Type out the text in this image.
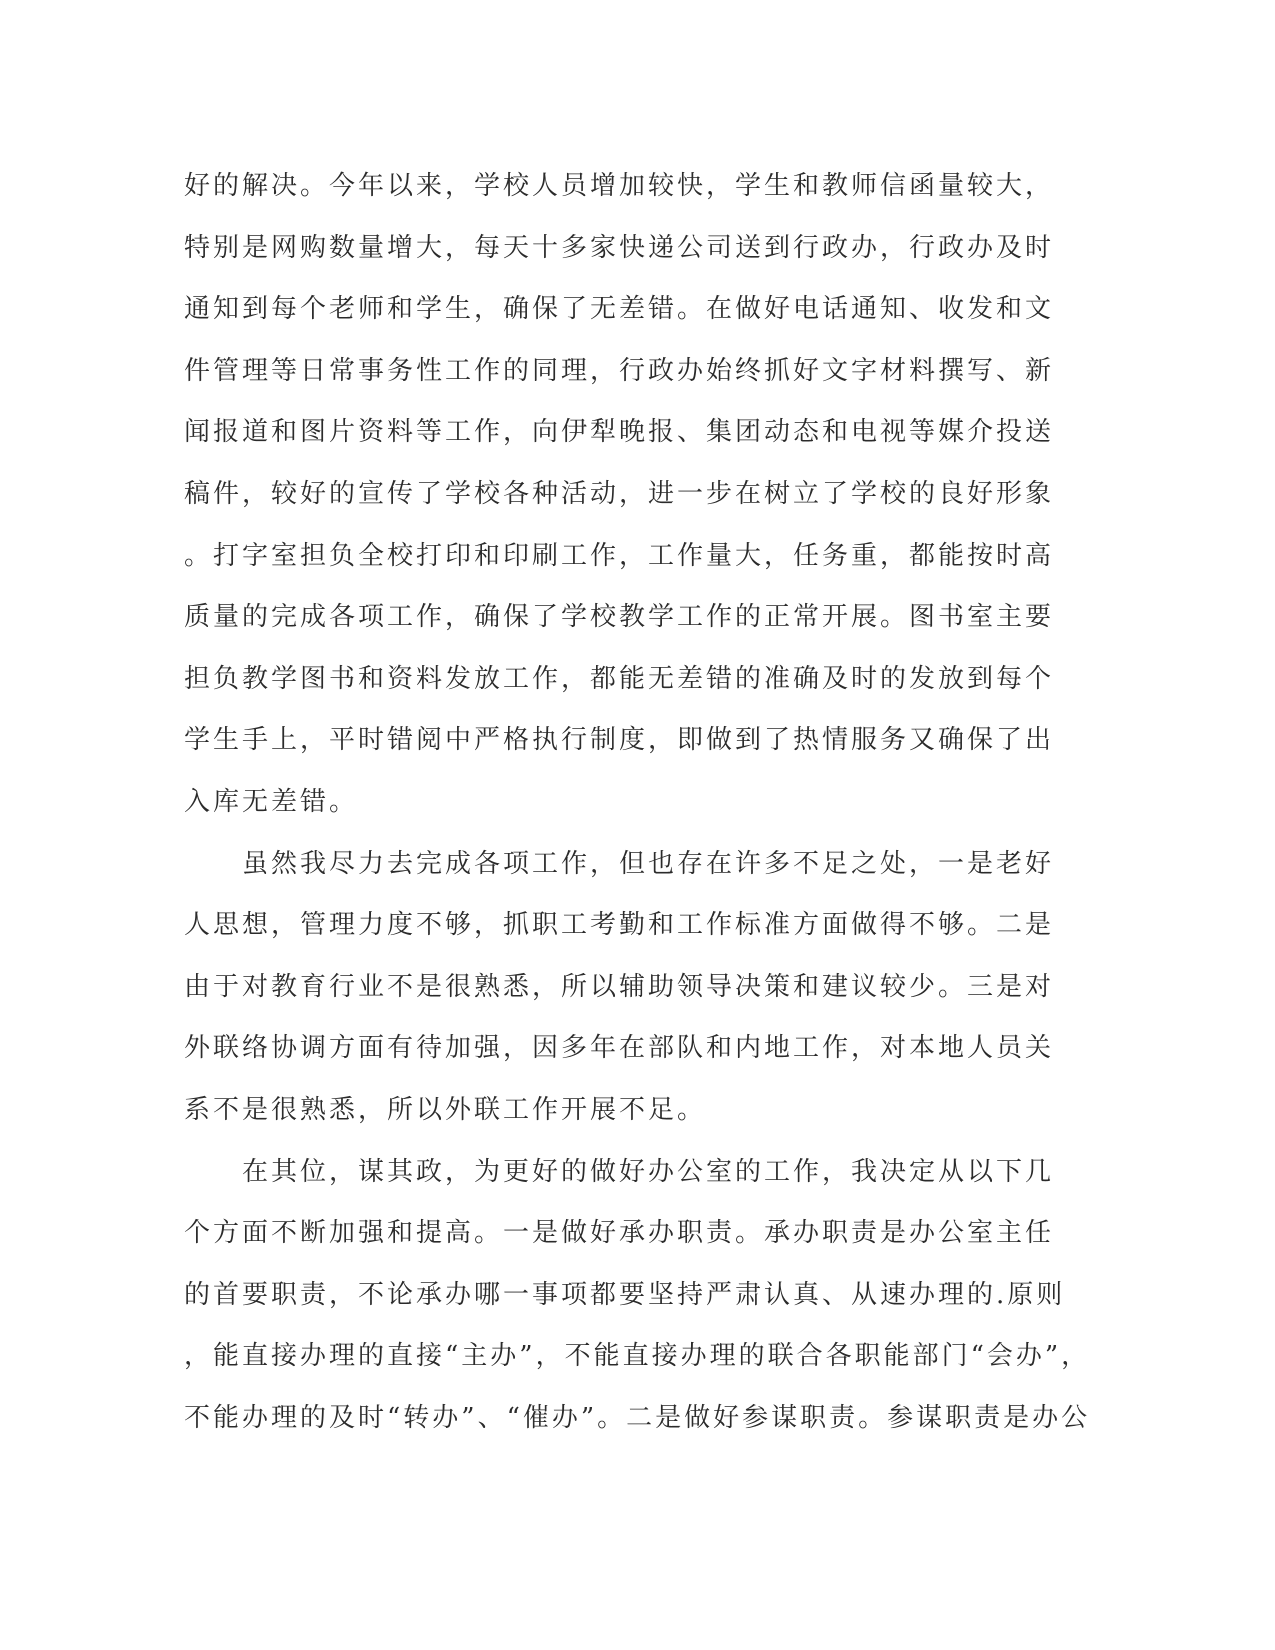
好的解决。今年以来，学校人员增加较快，学生和教师信函量较大，
特别是网购数量增大，每天十多家快递公司送到行政办，行政办及时
通知到每个老师和学生，确保了无差错。在做好电话通知、收发和文
件管理等日常事务性工作的同理，行政办始终抓好文字材料撰写、新
闻报道和图片资料等工作，向伊犁晚报、集团动态和电视等媒介投送
稿件，较好的宣传了学校各种活动，进一步在树立了学校的良好形象
。打字室担负全校打印和印刷工作，工作量大，任务重，都能按时高
质量的完成各项工作，确保了学校教学工作的正常开展。图书室主要
担负教学图书和资料发放工作，都能无差错的准确及时的发放到每个
学生手上，平时错阅中严格执行制度，即做到了热情服务又确保了出
入库无差错。
　　虽然我尽力去完成各项工作，但也存在许多不足之处，一是老好
人思想，管理力度不够，抓职工考勤和工作标准方面做得不够。二是
由于对教育行业不是很熟悉，所以辅助领导决策和建议较少。三是对
外联络协调方面有待加强，因多年在部队和内地工作，对本地人员关
系不是很熟悉，所以外联工作开展不足。
　　在其位，谋其政，为更好的做好办公室的工作，我决定从以下几
个方面不断加强和提高。一是做好承办职责。承办职责是办公室主任
的首要职责，不论承办哪一事项都要坚持严肃认真、从速办理的.原则
，能直接办理的直接“主办”，不能直接办理的联合各职能部门“会办”，
不能办理的及时“转办”、“催办”。二是做好参谋职责。参谋职责是办公
